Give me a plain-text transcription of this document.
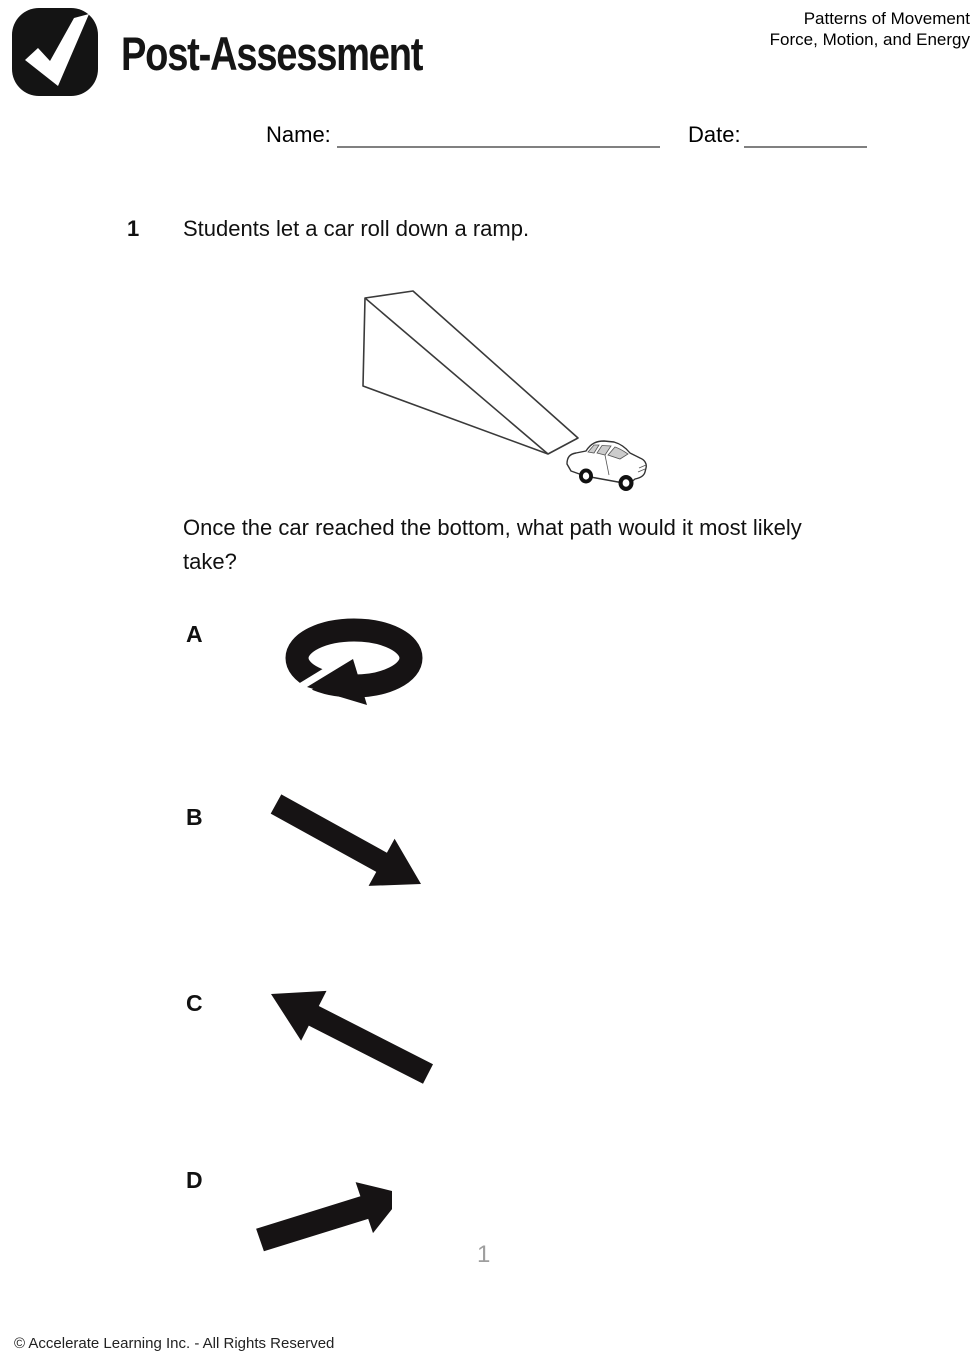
Post-Assessment
Patterns of Movement
Force, Motion, and Energy
Name:	Date:
1 Students let a car roll down a ramp.
Once the car reached the bottom, what path would it most likely take?
A
B
C
D
1
© Accelerate Learning Inc. - All Rights Reserved
